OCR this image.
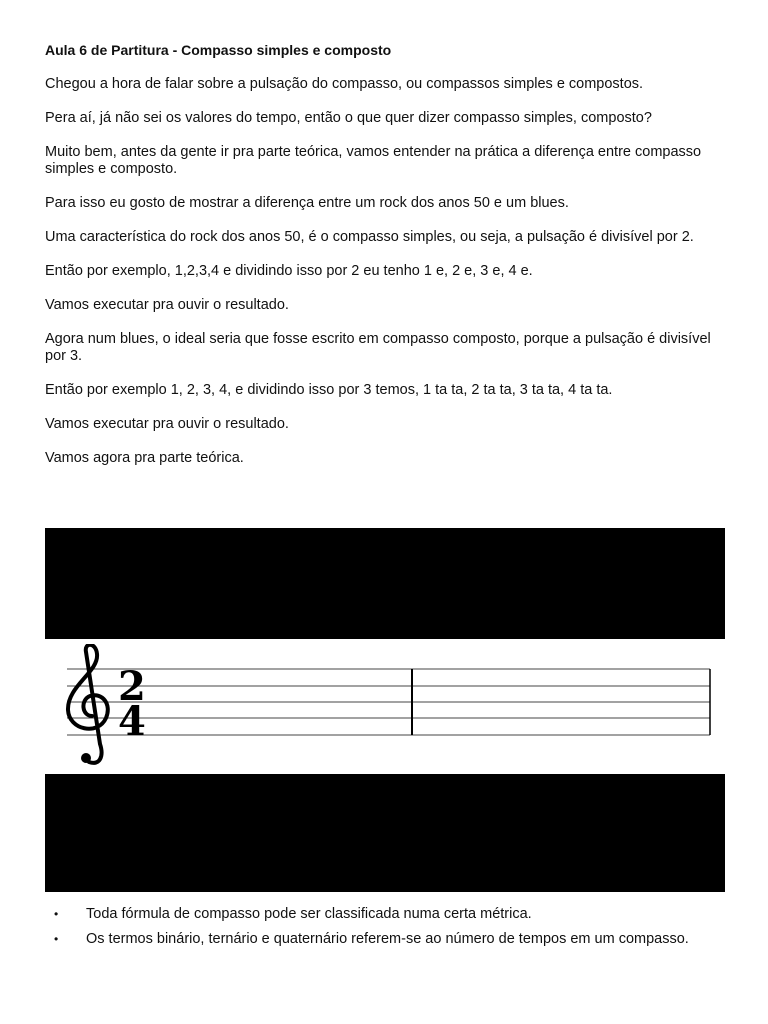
Aula 6 de Partitura - Compasso simples e composto

Chegou a hora de falar sobre a pulsação do compasso, ou compassos simples e compostos.

Pera aí, já não sei os valores do tempo, então o que quer dizer compasso simples, composto?

Muito bem, antes da gente ir pra parte teórica, vamos entender na prática a diferença entre compasso simples e composto.

Para isso eu gosto de mostrar a diferença entre um rock dos anos 50 e um blues.

Uma característica do rock dos anos 50, é o compasso simples, ou seja, a pulsação é divisível por 2.

Então por exemplo, 1,2,3,4 e dividindo isso por 2 eu tenho 1 e, 2 e, 3 e, 4 e.

Vamos executar pra ouvir o resultado.

Agora num blues, o ideal seria que fosse escrito em compasso composto, porque a pulsação é divisível por 3.

Então por exemplo 1, 2, 3, 4, e dividindo isso por 3 temos, 1 ta ta, 2 ta ta, 3 ta ta, 4 ta ta.

Vamos executar pra ouvir o resultado.

Vamos agora pra parte teórica.

2
4
• Toda fórmula de compasso pode ser classificada numa certa métrica.
• Os termos binário, ternário e quaternário referem-se ao número de tempos em um compasso.
